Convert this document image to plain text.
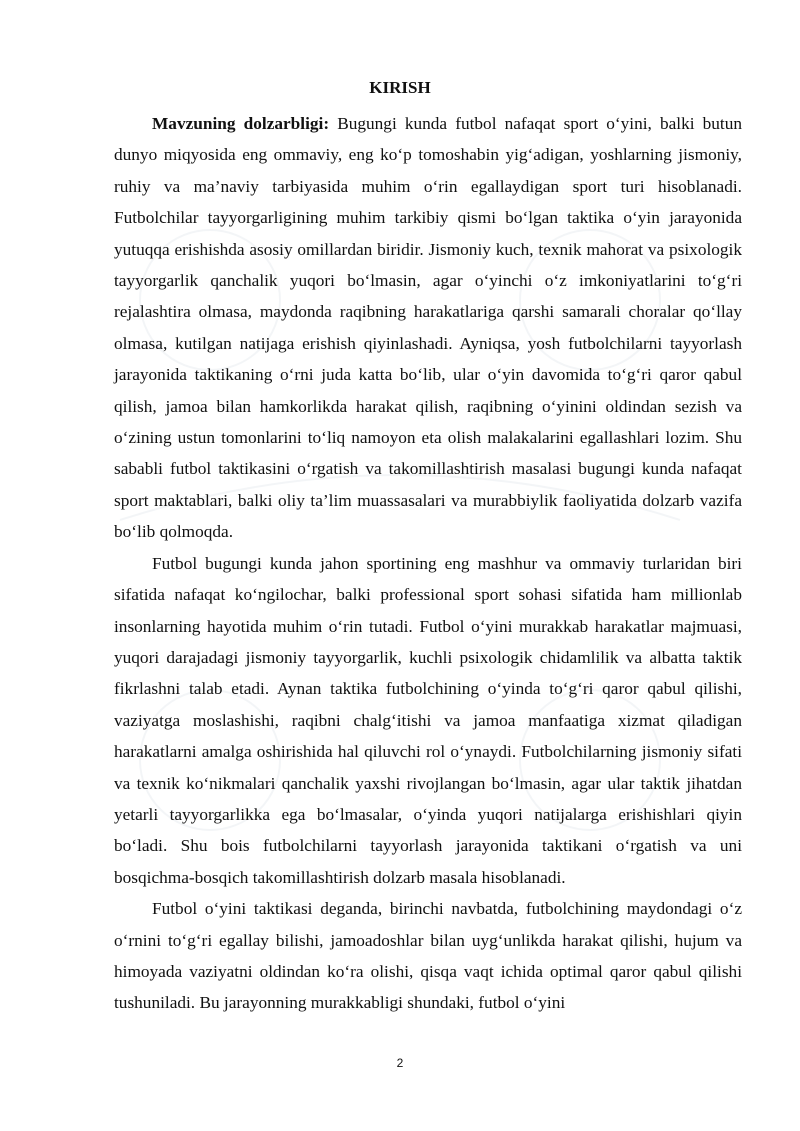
KIRISH

Mavzuning dolzarbligi: Bugungi kunda futbol nafaqat sport o‘yini, balki butun dunyo miqyosida eng ommaviy, eng ko‘p tomoshabin yig‘adigan, yoshlarning jismoniy, ruhiy va ma’naviy tarbiyasida muhim o‘rin egallaydigan sport turi hisoblanadi. Futbolchilar tayyorgarligining muhim tarkibiy qismi bo‘lgan taktika o‘yin jarayonida yutuqqa erishishda asosiy omillardan biridir. Jismoniy kuch, texnik mahorat va psixologik tayyorgarlik qanchalik yuqori bo‘lmasin, agar o‘yinchi o‘z imkoniyatlarini to‘g‘ri rejalashtira olmasa, maydonda raqibning harakatlariga qarshi samarali choralar qo‘llay olmasa, kutilgan natijaga erishish qiyinlashadi. Ayniqsa, yosh futbolchilarni tayyorlash jarayonida taktikaning o‘rni juda katta bo‘lib, ular o‘yin davomida to‘g‘ri qaror qabul qilish, jamoa bilan hamkorlikda harakat qilish, raqibning o‘yinini oldindan sezish va o‘zining ustun tomonlarini to‘liq namoyon eta olish malakalarini egallashlari lozim. Shu sababli futbol taktikasini o‘rgatish va takomillashtirish masalasi bugungi kunda nafaqat sport maktablari, balki oliy ta’lim muassasalari va murabbiylik faoliyatida dolzarb vazifa bo‘lib qolmoqda.

Futbol bugungi kunda jahon sportining eng mashhur va ommaviy turlaridan biri sifatida nafaqat ko‘ngilochar, balki professional sport sohasi sifatida ham millionlab insonlarning hayotida muhim o‘rin tutadi. Futbol o‘yini murakkab harakatlar majmuasi, yuqori darajadagi jismoniy tayyorgarlik, kuchli psixologik chidamlilik va albatta taktik fikrlashni talab etadi. Aynan taktika futbolchining o‘yinda to‘g‘ri qaror qabul qilishi, vaziyatga moslashishi, raqibni chalg‘itishi va jamoa manfaatiga xizmat qiladigan harakatlarni amalga oshirishida hal qiluvchi rol o‘ynaydi. Futbolchilarning jismoniy sifati va texnik ko‘nikmalari qanchalik yaxshi rivojlangan bo‘lmasin, agar ular taktik jihatdan yetarli tayyorgarlikka ega bo‘lmasalar, o‘yinda yuqori natijalarga erishishlari qiyin bo‘ladi. Shu bois futbolchilarni tayyorlash jarayonida taktikani o‘rgatish va uni bosqichma-bosqich takomillashtirish dolzarb masala hisoblanadi.

Futbol o‘yini taktikasi deganda, birinchi navbatda, futbolchining maydondagi o‘z o‘rnini to‘g‘ri egallay bilishi, jamoadoshlar bilan uyg‘unlikda harakat qilishi, hujum va himoyada vaziyatni oldindan ko‘ra olishi, qisqa vaqt ichida optimal qaror qabul qilishi tushuniladi. Bu jarayonning murakkabligi shundaki, futbol o‘yini

2
